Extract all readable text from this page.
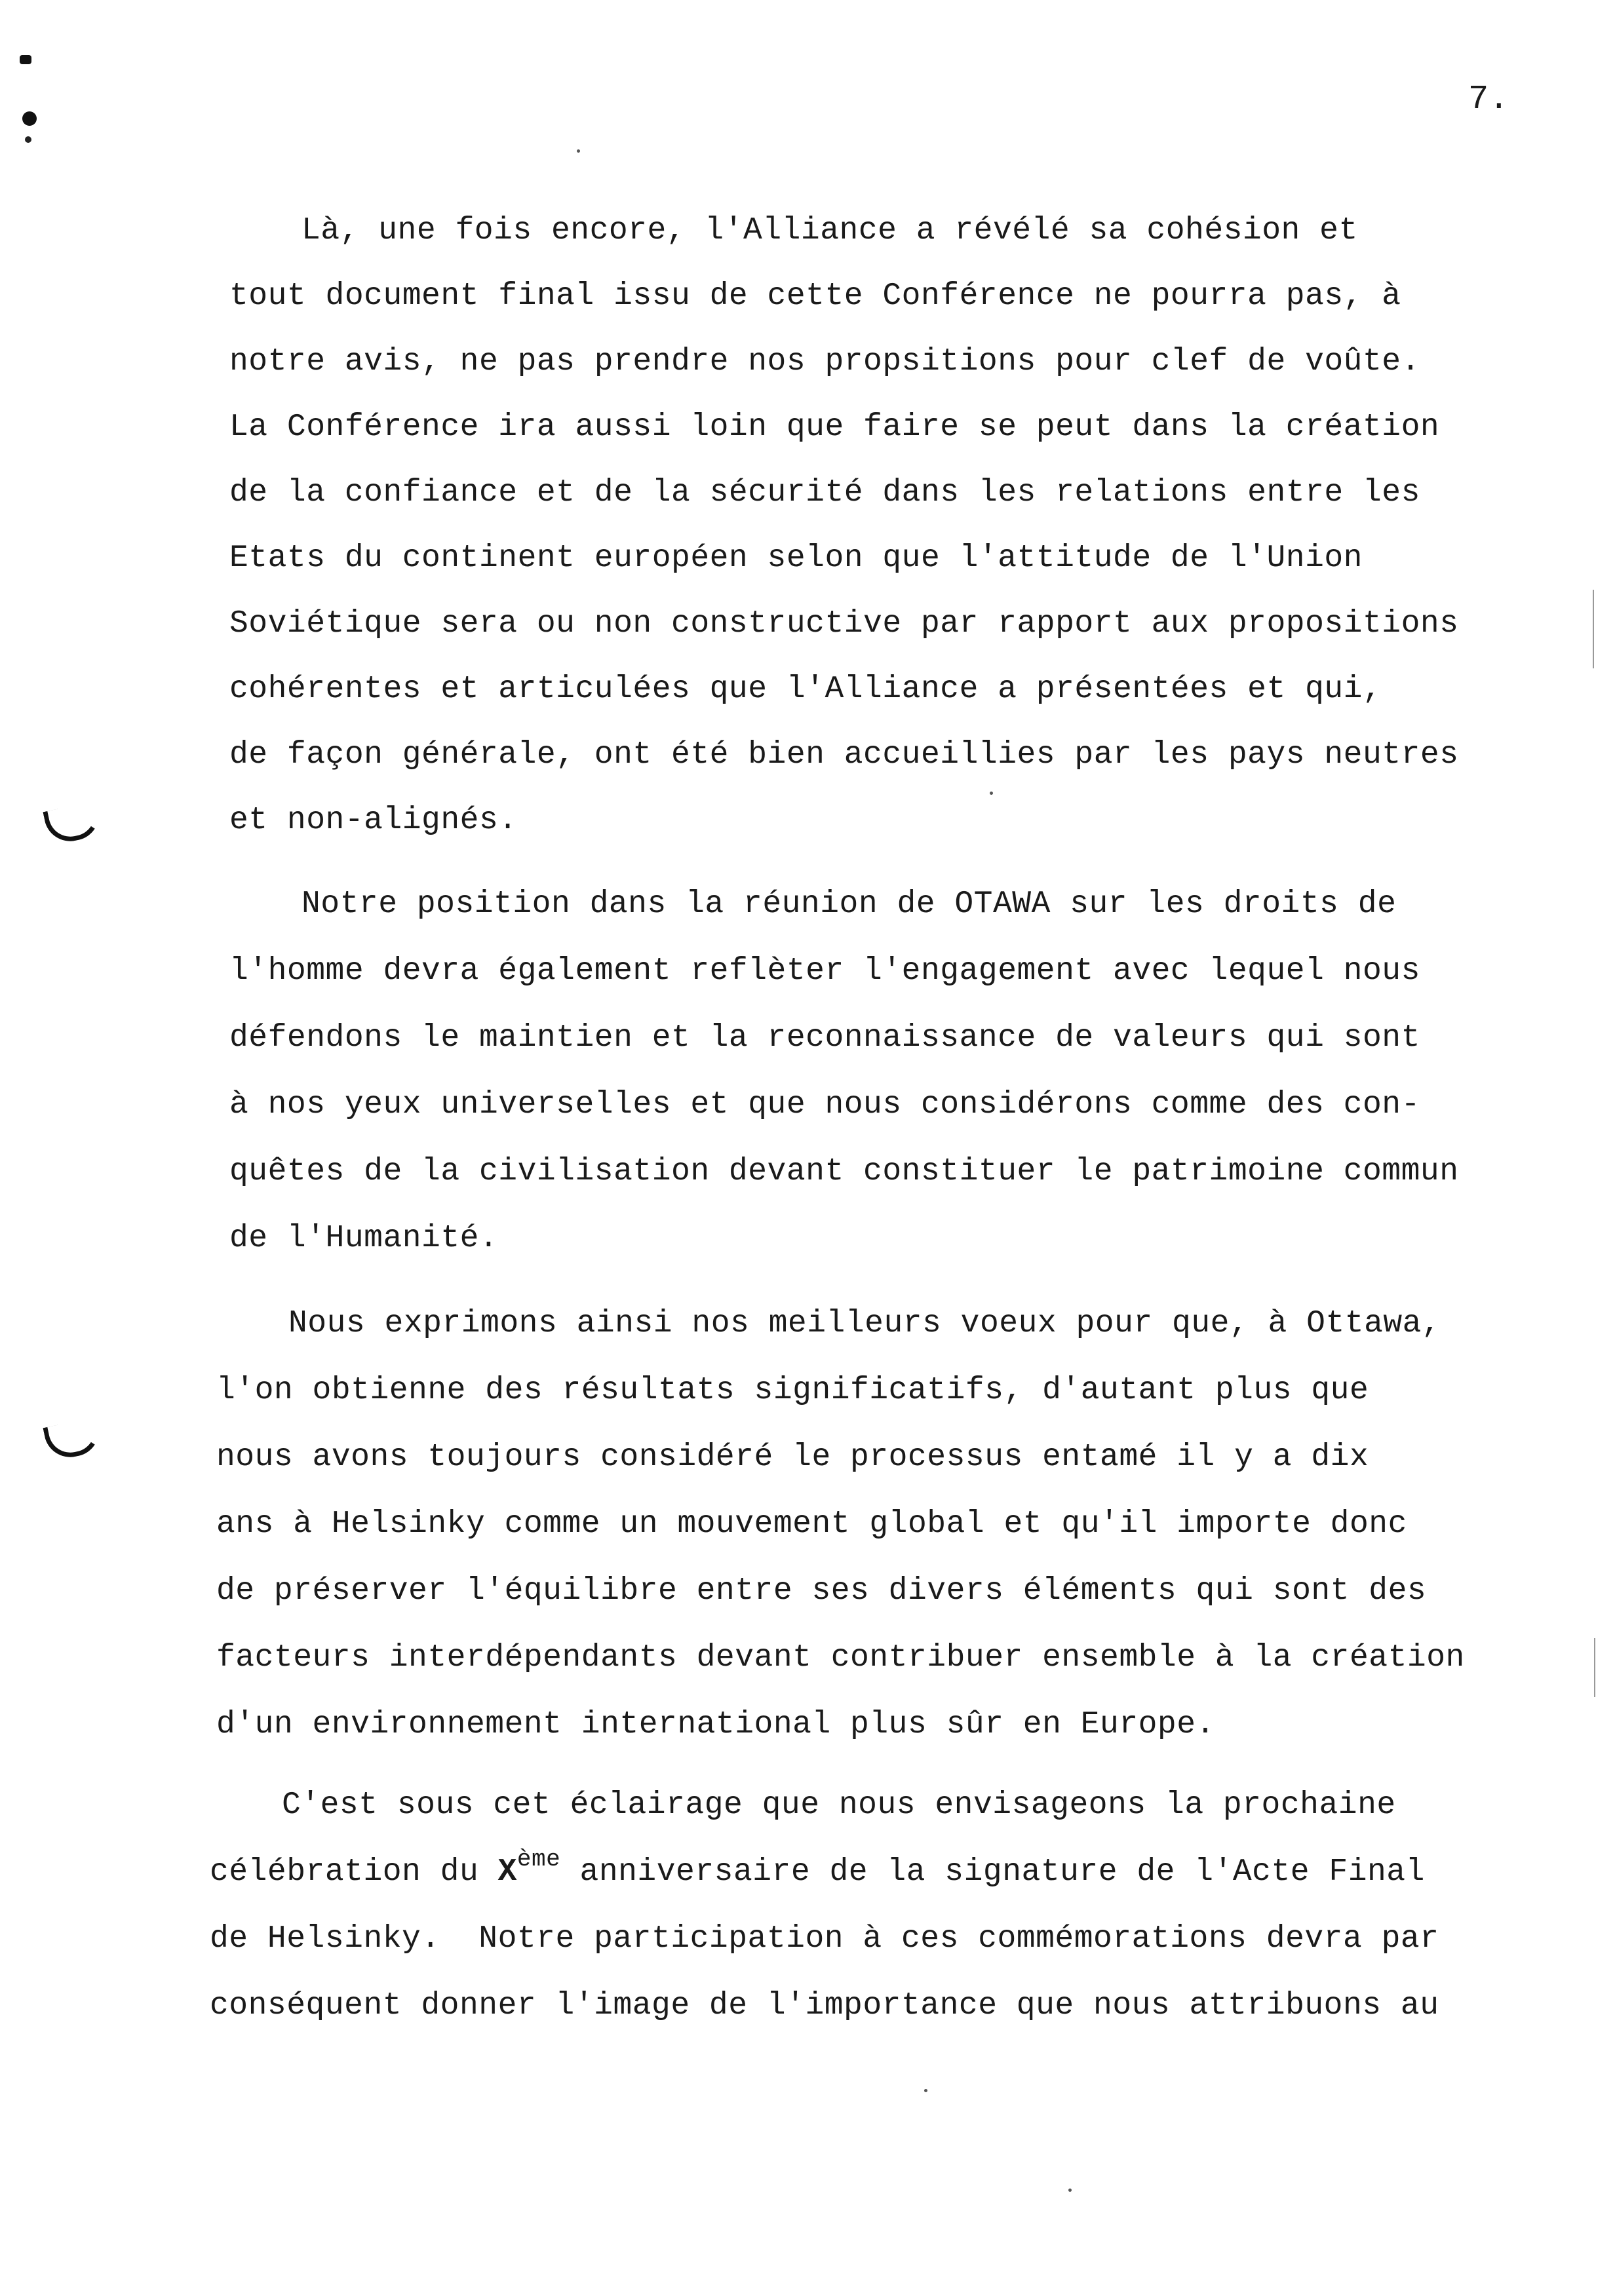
7.
Là, une fois encore, l'Alliance a révélé sa cohésion et
tout document final issu de cette Conférence ne pourra pas, à
notre avis, ne pas prendre nos propsitions pour clef de voûte.
La Conférence ira aussi loin que faire se peut dans la création
de la confiance et de la sécurité dans les relations entre les
Etats du continent européen selon que l'attitude de l'Union
Soviétique sera ou non constructive par rapport aux propositions
cohérentes et articulées que l'Alliance a présentées et qui,
de façon générale, ont été bien accueillies par les pays neutres
et non-alignés.
Notre position dans la réunion de OTAWA sur les droits de
l'homme devra également reflèter l'engagement avec lequel nous
défendons le maintien et la reconnaissance de valeurs qui sont
à nos yeux universelles et que nous considérons comme des con-
quêtes de la civilisation devant constituer le patrimoine commun
de l'Humanité.
Nous exprimons ainsi nos meilleurs voeux pour que, à Ottawa,
l'on obtienne des résultats significatifs, d'autant plus que
nous avons toujours considéré le processus entamé il y a dix
ans à Helsinky comme un mouvement global et qu'il importe donc
de préserver l'équilibre entre ses divers éléments qui sont des
facteurs interdépendants devant contribuer ensemble à la création
d'un environnement international plus sûr en Europe.
C'est sous cet éclairage que nous envisageons la prochaine
célébration du Xème anniversaire de la signature de l'Acte Final
de Helsinky.  Notre participation à ces commémorations devra par
conséquent donner l'image de l'importance que nous attribuons au
